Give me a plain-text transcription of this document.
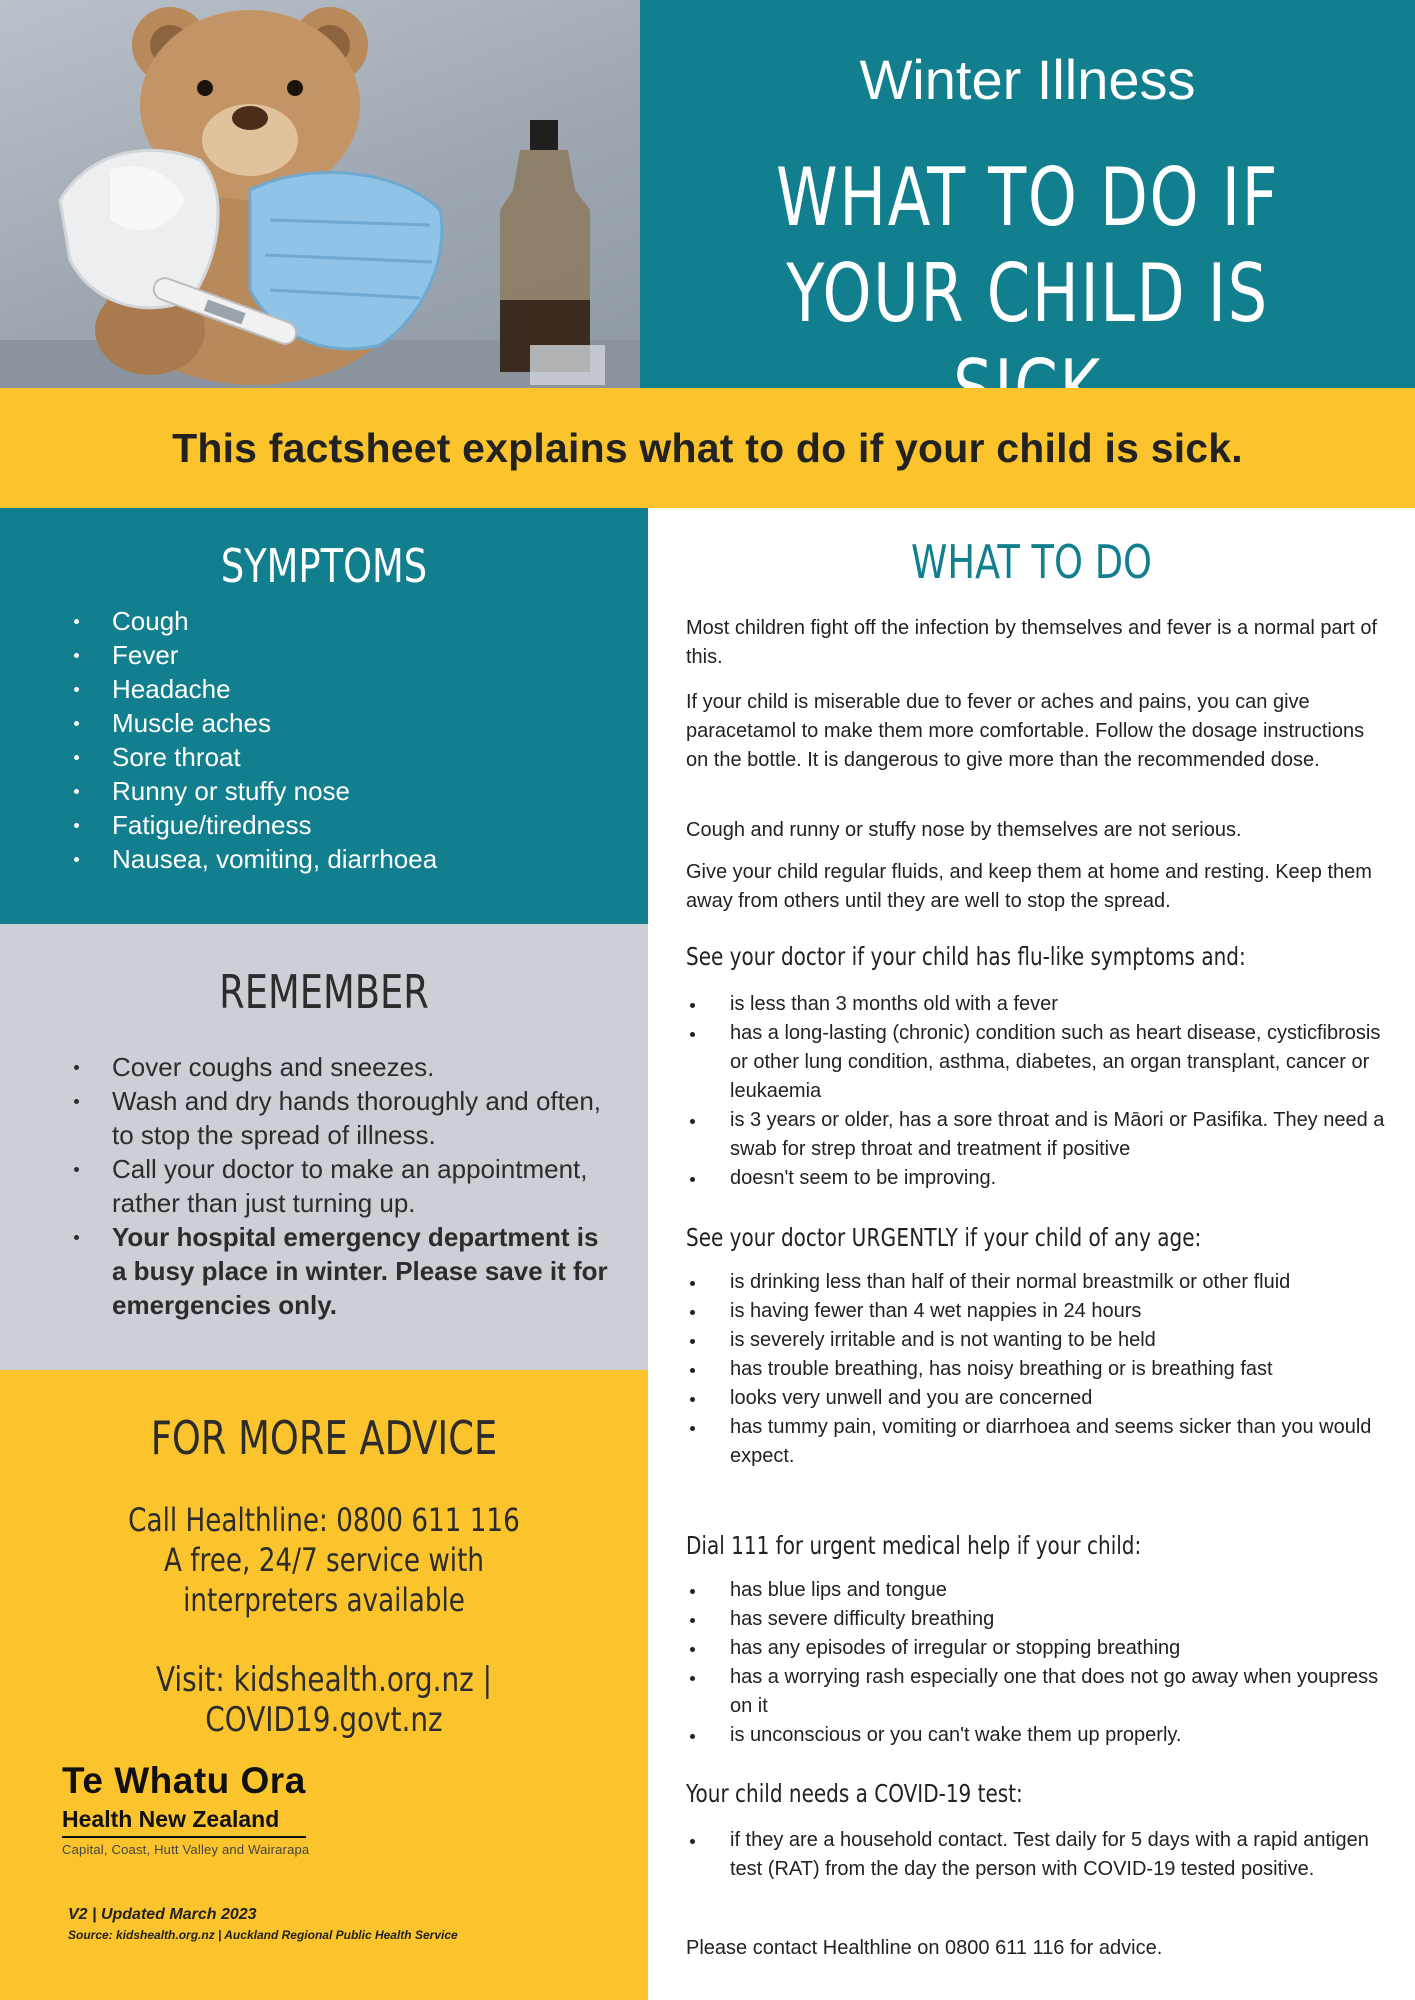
Winter Illness
WHAT TO DO IF
YOUR CHILD IS
This factsheet explains what to do if your child is sick.
SYMPTOMS
Cough
Fever
Headache
Muscle aches
Sore throat
Runny or stuffy nose
Fatigue/tiredness
Nausea, vomiting, diarrhoea
REMEMBER
Cover coughs and sneezes.
Wash and dry hands thoroughly and often, to stop the spread of illness.
Call your doctor to make an appointment, rather than just turning up.
Your hospital emergency department is a busy place in winter. Please save it for emergencies only.
FOR MORE ADVICE
Call Healthline: 0800 611 116
A free, 24/7 service with
interpreters available
Visit: kidshealth.org.nz | COVID19.govt.nz
Te Whatu Ora
Health New Zealand
Capital, Coast, Hutt Valley and Wairarapa
V2 | Updated March 2023
Source: kidshealth.org.nz | Auckland Regional Public Health Service
WHAT TO DO
Most children fight off the infection by themselves and fever is a normal part of this.
If your child is miserable due to fever or aches and pains, you can give paracetamol to make them more comfortable. Follow the dosage instructions on the bottle. It is dangerous to give more than the recommended dose.
Cough and runny or stuffy nose by themselves are not serious.
Give your child regular fluids, and keep them at home and resting. Keep them away from others until they are well to stop the spread.
See your doctor if your child has flu-like symptoms and:
is less than 3 months old with a fever
has a long-lasting (chronic) condition such as heart disease, cysticfibrosis or other lung condition, asthma, diabetes, an organ transplant, cancer or leukaemia
is 3 years or older, has a sore throat and is Māori or Pasifika. They need a swab for strep throat and treatment if positive
doesn't seem to be improving.
See your doctor URGENTLY if your child of any age:
is drinking less than half of their normal breastmilk or other fluid
is having fewer than 4 wet nappies in 24 hours
is severely irritable and is not wanting to be held
has trouble breathing, has noisy breathing or is breathing fast
looks very unwell and you are concerned
has tummy pain, vomiting or diarrhoea and seems sicker than you would expect.
Dial 111 for urgent medical help if your child:
has blue lips and tongue
has severe difficulty breathing
has any episodes of irregular or stopping breathing
has a worrying rash especially one that does not go away when youpress on it
is unconscious or you can't wake them up properly.
Your child needs a COVID-19 test:
if they are a household contact. Test daily for 5 days with a rapid antigen test (RAT) from the day the person with COVID-19 tested positive.
Please contact Healthline on 0800 611 116 for advice.
